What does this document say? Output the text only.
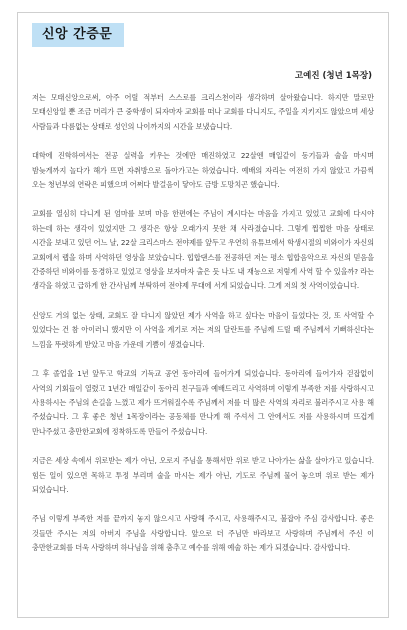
신앙 간증문
고예진 (청년 1목장)

저는 모태신앙으로써, 아주 어릴 적부터 스스로를 크리스천이라 생각하며 살아왔습니다. 하지만 말로만 모태신앙일 뿐 조금 머리가 큰 중학생이 되자마자 교회를 떠나 교회를 다니지도, 주일을 지키지도 않았으며 세상 사람들과 다름없는 상태로 성인의 나이까지의 시간을 보냈습니다.

대학에 진학하여서는 전공 실력을 키우는 것에만 매진하였고 22살엔 매일같이 동기들과 술을 마시며 밤늦게까지 놀다가 해가 뜨면 자취방으로 돌아가고는 하였습니다. 예배의 자리는 여전히 가지 않았고 가끔씩 오는 청년부의 연락은 피했으며 어쩌다 발걸음이 닿아도 금방 도망치곤 했습니다.

교회를 열심히 다니게 된 엄마를 보며 마음 한편에는 주님이 계시다는 마음을 가지고 있었고 교회에 다시야 하는데 하는 생각이 있었지만 그 생각은 항상 오래가지 못한 채 사라졌습니다. 그렇게 찝찝한 마음 상태로 시간을 보내고 있던 어느 날, 22살 크리스마스 전야제를 앞두고 우연히 유튜브에서 학생시절의 비와이가 자신의 교회에서 랩을 하며 사역하던 영상을 보았습니다. 힙합댄스를 전공하던 저는 평소 힙합음악으로 자신의 믿음을 간증하던 비와이를 동경하고 있었고 영상을 보자마자 출은 듯 나도 내 재능으로 저렇게 사역 할 수 있을까? 라는 생각을 하였고 급하게 한 간사님께 부탁하여 전야제 무대에 서게 되었습니다. 그게 저의 첫 사역이었습니다.

신앙도 거의 없는 상태, 교회도 잘 다니지 않았던 제가 사역을 하고 싶다는 마음이 들었다는 것, 또 사역할 수 있었다는 건 참 아이러니 했지만 이 사역을 계기로 저는 저의 달란트를 주님께 드릴 때 주님께서 기뻐하신다는 느낌을 뚜렷하게 받았고 마음 가운데 기쁨이 생겼습니다.

그 후 졸업을 1년 앞두고 학교의 기독교 공연 동아리에 들어가게 되었습니다. 동아리에 들어가자 걷잡없이 사역의 기회들이 열렸고 1년간 매일같이 동아리 친구들과 예배드리고 사역하며 이렇게 부족한 저를 사랑하시고 사용하시는 주님의 손길을 느꼈고 제가 뜨거워질수록 주님께서 저를 더 많은 사역의 자리로 불러주시고 사용 해 주셨습니다. 그 후 좋은 청년 1목장이라는 공동체를 만나게 해 주셔서 그 안에서도 저를 사용하시며 뜨겁게 만나주셨고 충만한교회에 정착하도록 만들어 주셨습니다.

지금은 세상 속에서 위로받는 제가 아닌, 오로지 주님을 통해서만 위로 받고 나아가는 삶을 살아가고 있습니다. 힘든 일이 있으면 목하고 투정 부리며 술을 마시는 제가 아닌, 기도로 주님께 물어 놓으며 위로 받는 제가 되었습니다.

주님 이렇게 부족한 저를 끝까지 놓지 않으시고 사랑해 주시고, 사용해주시고, 불잡아 주심 감사합니다. 좋은 것들만 주시는 저의 아버지 주님을 사랑합니다. 앞으로 더 주님만 바라보고 사랑하며 주님께서 주신 이 충만한교회를 더욱 사랑하며 하나님을 위해 춤추고 예수를 위해 예술 하는 제가 되겠습니다. 감사합니다.
